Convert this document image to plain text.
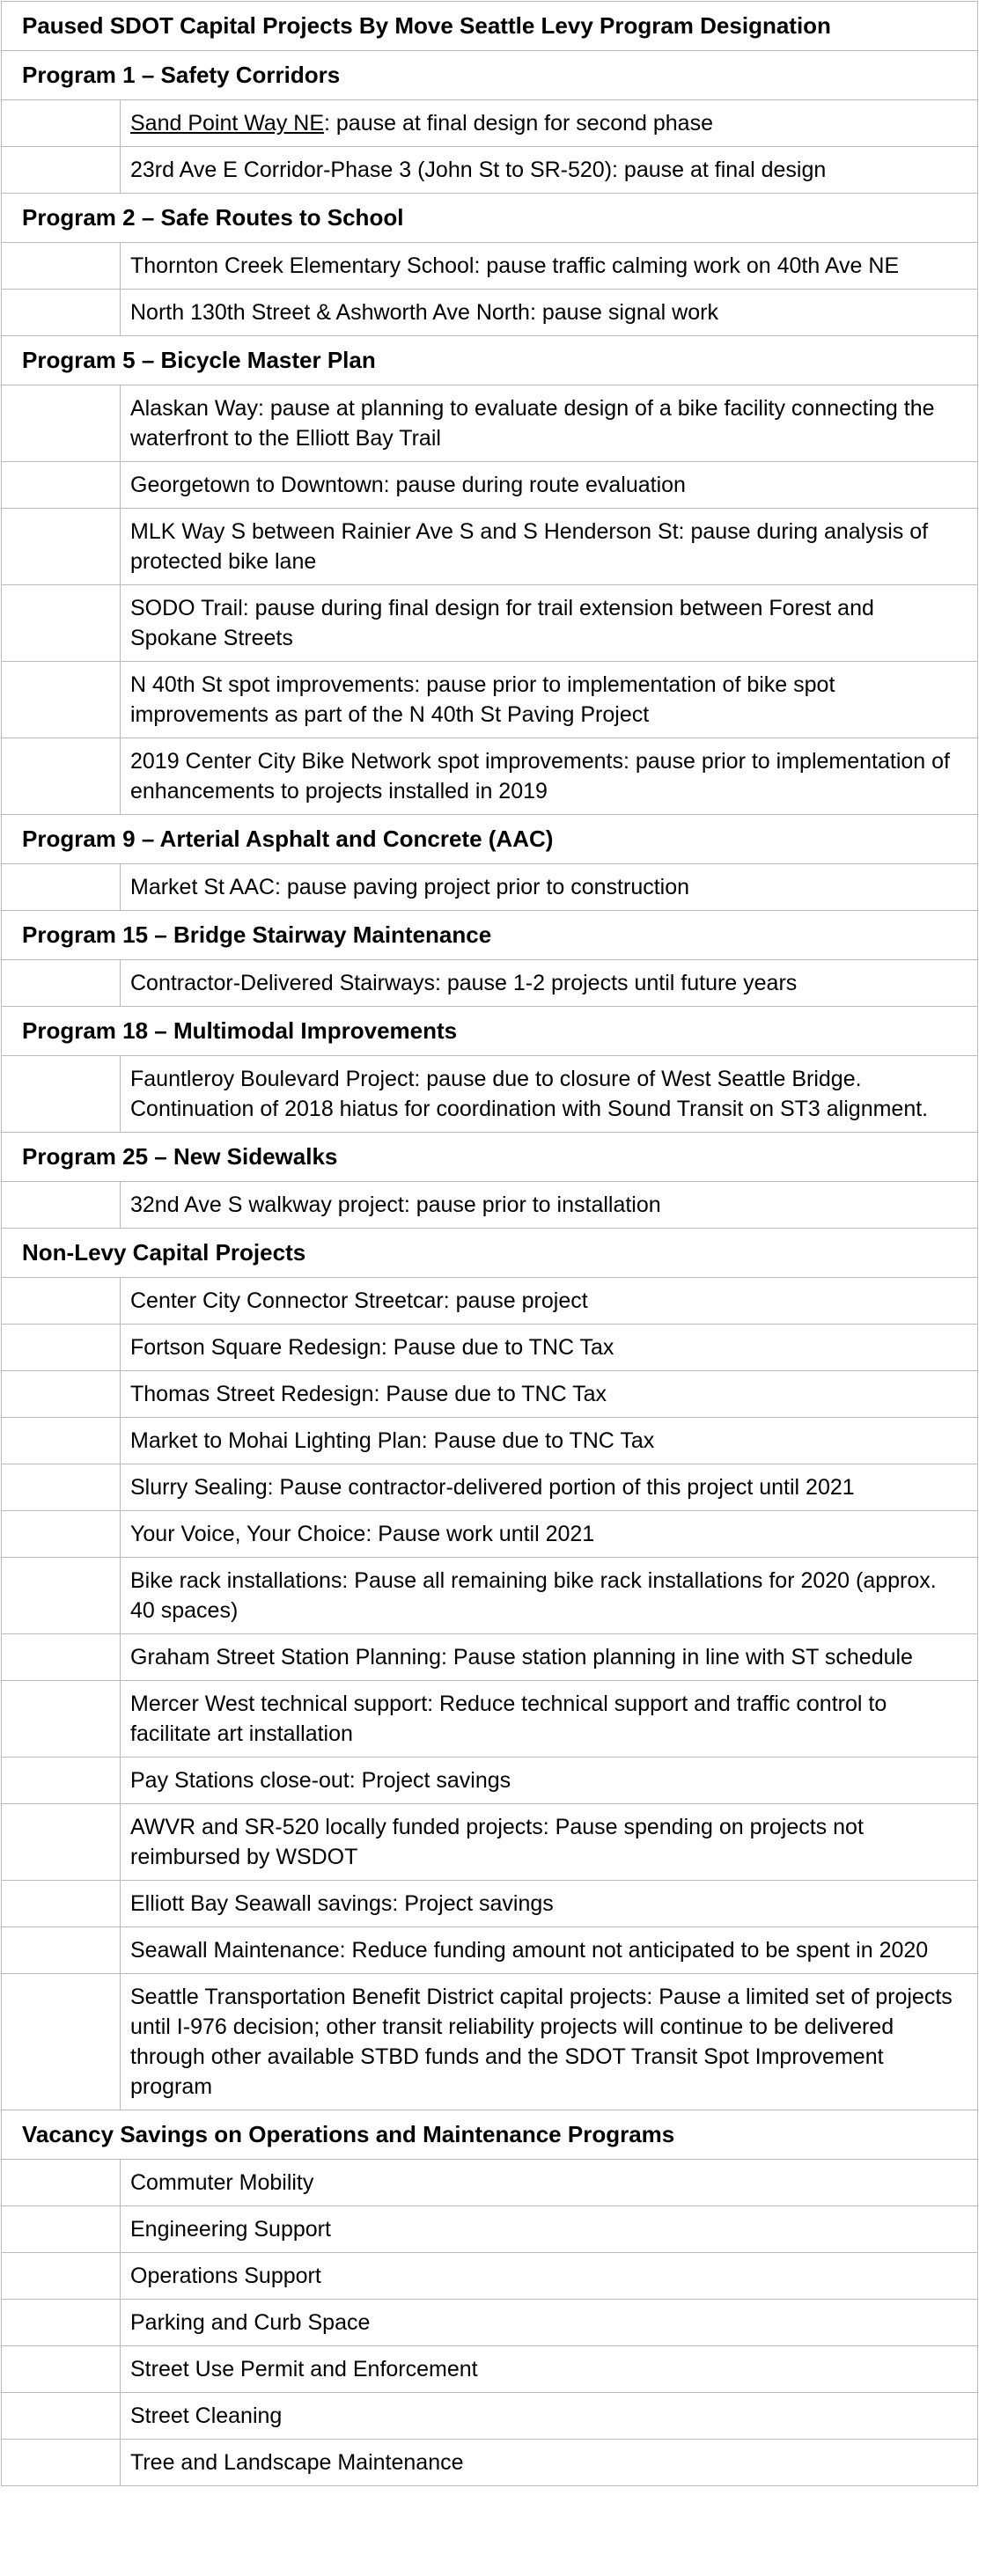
Paused SDOT Capital Projects By Move Seattle Levy Program Designation	
Program 1 – Safety Corridors	
	Sand Point Way NE: pause at final design for second phase
	23rd Ave E Corridor-Phase 3 (John St to SR-520): pause at final design
Program 2 – Safe Routes to School	
	Thornton Creek Elementary School: pause traffic calming work on 40th Ave NE
	North 130th Street & Ashworth Ave North: pause signal work
Program 5 – Bicycle Master Plan	
	Alaskan Way: pause at planning to evaluate design of a bike facility connecting the waterfront to the Elliott Bay Trail
	Georgetown to Downtown: pause during route evaluation
	MLK Way S between Rainier Ave S and S Henderson St: pause during analysis of protected bike lane
	SODO Trail: pause during final design for trail extension between Forest and Spokane Streets
	N 40th St spot improvements: pause prior to implementation of bike spot improvements as part of the N 40th St Paving Project
	2019 Center City Bike Network spot improvements: pause prior to implementation of enhancements to projects installed in 2019
Program 9 – Arterial Asphalt and Concrete (AAC)	
	Market St AAC: pause paving project prior to construction
Program 15 – Bridge Stairway Maintenance	
	Contractor-Delivered Stairways: pause 1-2 projects until future years
Program 18 – Multimodal Improvements	
	Fauntleroy Boulevard Project: pause due to closure of West Seattle Bridge. Continuation of 2018 hiatus for coordination with Sound Transit on ST3 alignment.
Program 25 – New Sidewalks	
	32nd Ave S walkway project: pause prior to installation
Non-Levy Capital Projects	
	Center City Connector Streetcar: pause project
	Fortson Square Redesign: Pause due to TNC Tax
	Thomas Street Redesign: Pause due to TNC Tax
	Market to Mohai Lighting Plan: Pause due to TNC Tax
	Slurry Sealing: Pause contractor-delivered portion of this project until 2021
	Your Voice, Your Choice: Pause work until 2021
	Bike rack installations: Pause all remaining bike rack installations for 2020 (approx. 40 spaces)
	Graham Street Station Planning: Pause station planning in line with ST schedule
	Mercer West technical support: Reduce technical support and traffic control to facilitate art installation
	Pay Stations close-out: Project savings
	AWVR and SR-520 locally funded projects: Pause spending on projects not reimbursed by WSDOT
	Elliott Bay Seawall savings: Project savings
	Seawall Maintenance: Reduce funding amount not anticipated to be spent in 2020
	Seattle Transportation Benefit District capital projects: Pause a limited set of projects until I-976 decision; other transit reliability projects will continue to be delivered through other available STBD funds and the SDOT Transit Spot Improvement program
Vacancy Savings on Operations and Maintenance Programs	
	Commuter Mobility
	Engineering Support
	Operations Support
	Parking and Curb Space
	Street Use Permit and Enforcement
	Street Cleaning
	Tree and Landscape Maintenance
